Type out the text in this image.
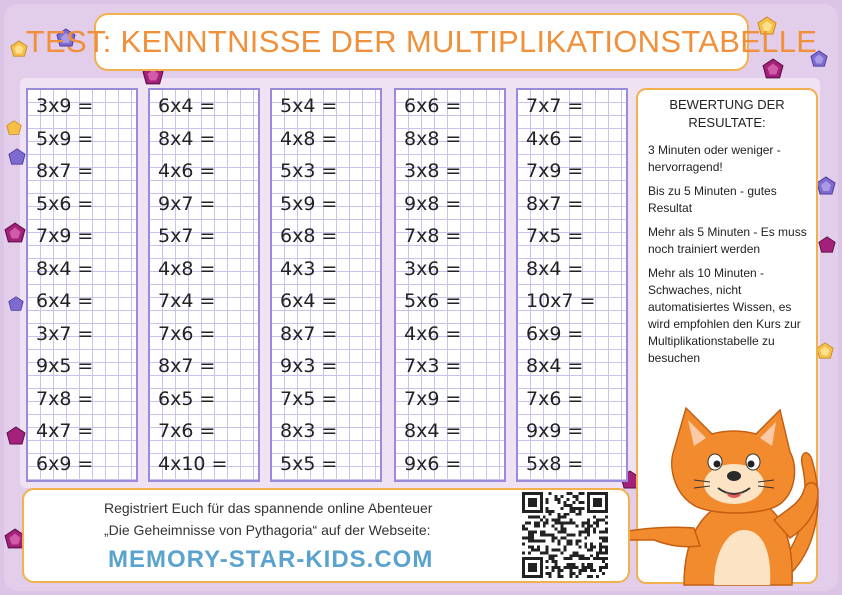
TEST: KENNTNISSE DER MULTIPLIKATIONSTABELLE
3x9 =
5x9 =
8x7 =
5x6 =
7x9 =
8x4 =
6x4 =
3x7 =
9x5 =
7x8 =
4x7 =
6x9 =
6x4 =
8x4 =
4x6 =
9x7 =
5x7 =
4x8 =
7x4 =
7x6 =
8x7 =
6x5 =
7x6 =
4x10 =
5x4 =
4x8 =
5x3 =
5x9 =
6x8 =
4x3 =
6x4 =
8x7 =
9x3 =
7x5 =
8x3 =
5x5 =
6x6 =
8x8 =
3x8 =
9x8 =
7x8 =
3x6 =
5x6 =
4x6 =
7x3 =
7x9 =
8x4 =
9x6 =
7x7 =
4x6 =
7x9 =
8x7 =
7x5 =
8x4 =
10x7 =
6x9 =
8x4 =
7x6 =
9x9 =
5x8 =
BEWERTUNG DER RESULTATE:

3 Minuten oder weniger - hervorragend!

Bis zu 5 Minuten - gutes Resultat

Mehr als 5 Minuten - Es muss noch trainiert werden

Mehr als 10 Minuten - Schwaches, nicht automatisiertes Wissen, es wird empfohlen den Kurs zur Multiplikationstabelle zu besuchen

Registriert Euch für das spannende online Abenteuer
„Die Geheimnisse von Pythagoria“ auf der Webseite:
MEMORY-STAR-KIDS.COM
